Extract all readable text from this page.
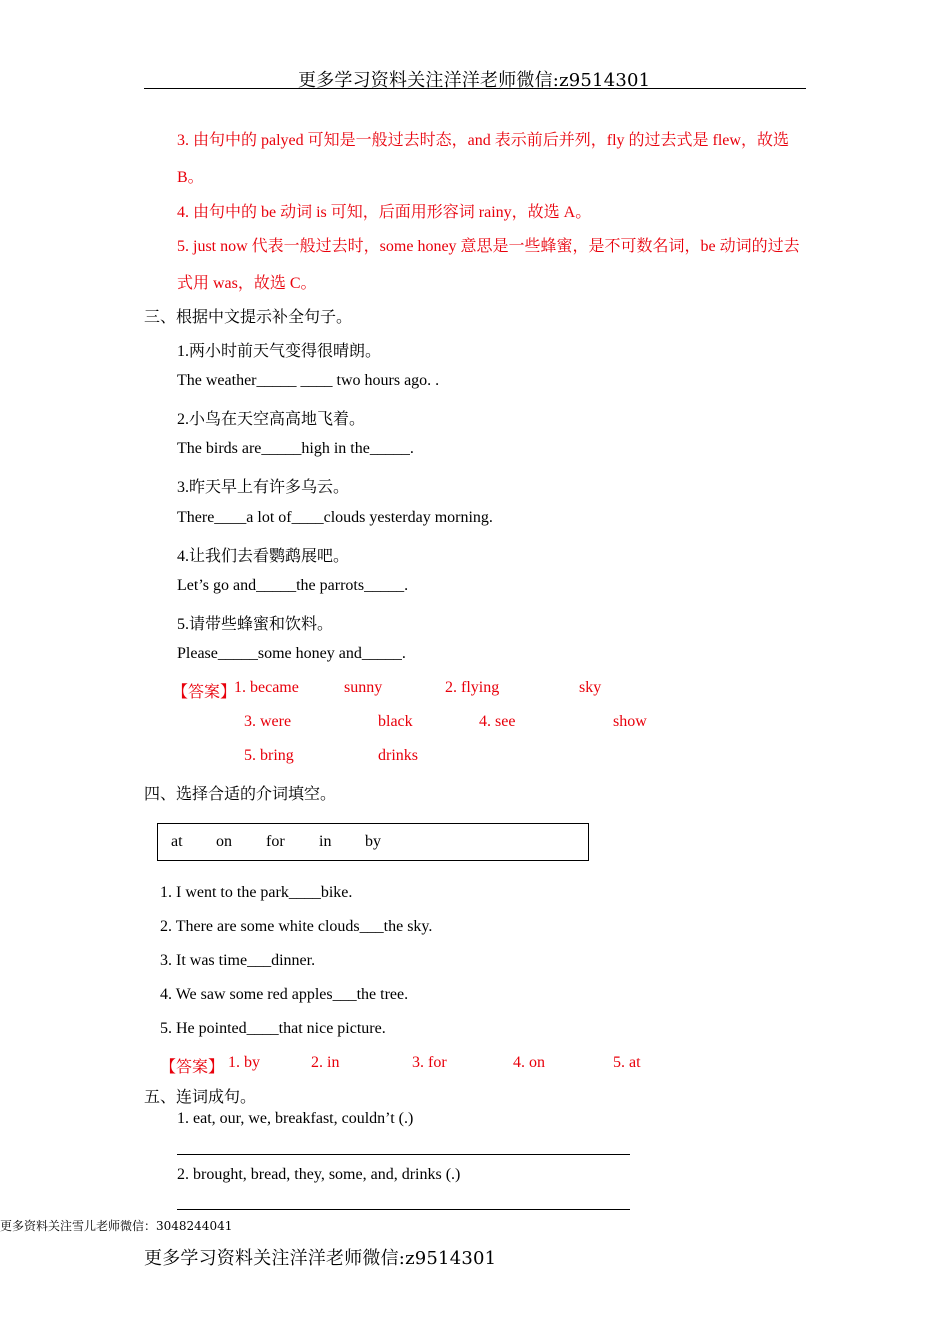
更多学习资料关注洋洋老师微信:z9514301
3. 由句中的 palyed 可知是一般过去时态，and 表示前后并列，fly 的过去式是 flew，故选
B。
4. 由句中的 be 动词 is 可知，后面用形容词 rainy，故选 A。
5. just now 代表一般过去时，some honey 意思是一些蜂蜜，是不可数名词，be 动词的过去
式用 was，故选 C。
三、根据中文提示补全句子。
1.两小时前天气变得很晴朗。
The weather_____ ____ two hours ago. .
2.小鸟在天空高高地飞着。
The birds are_____high in the_____.
3.昨天早上有许多乌云。
There____a lot of____clouds yesterday morning.
4.让我们去看鹦鹉展吧。
Let’s go and_____the parrots_____.
5.请带些蜂蜜和饮料。
Please_____some honey and_____.
【答案】
1. became	sunny	2. flying	sky
3. were	black	4. see	show
5. bring	drinks
四、选择合适的介词填空。
at on for in by
1. I went to the park____bike.
2. There are some white clouds___the sky.
3. It was time___dinner.
4. We saw some red apples___the tree.
5. He pointed____that nice picture.
【答案】 1. by	2. in	3. for	4. on	5. at
五、连词成句。
1. eat, our, we, breakfast, couldn’t (.)
2. brought, bread, they, some, and, drinks (.)
更多资料关注雪儿老师微信：3048244041
更多学习资料关注洋洋老师微信:z9514301
